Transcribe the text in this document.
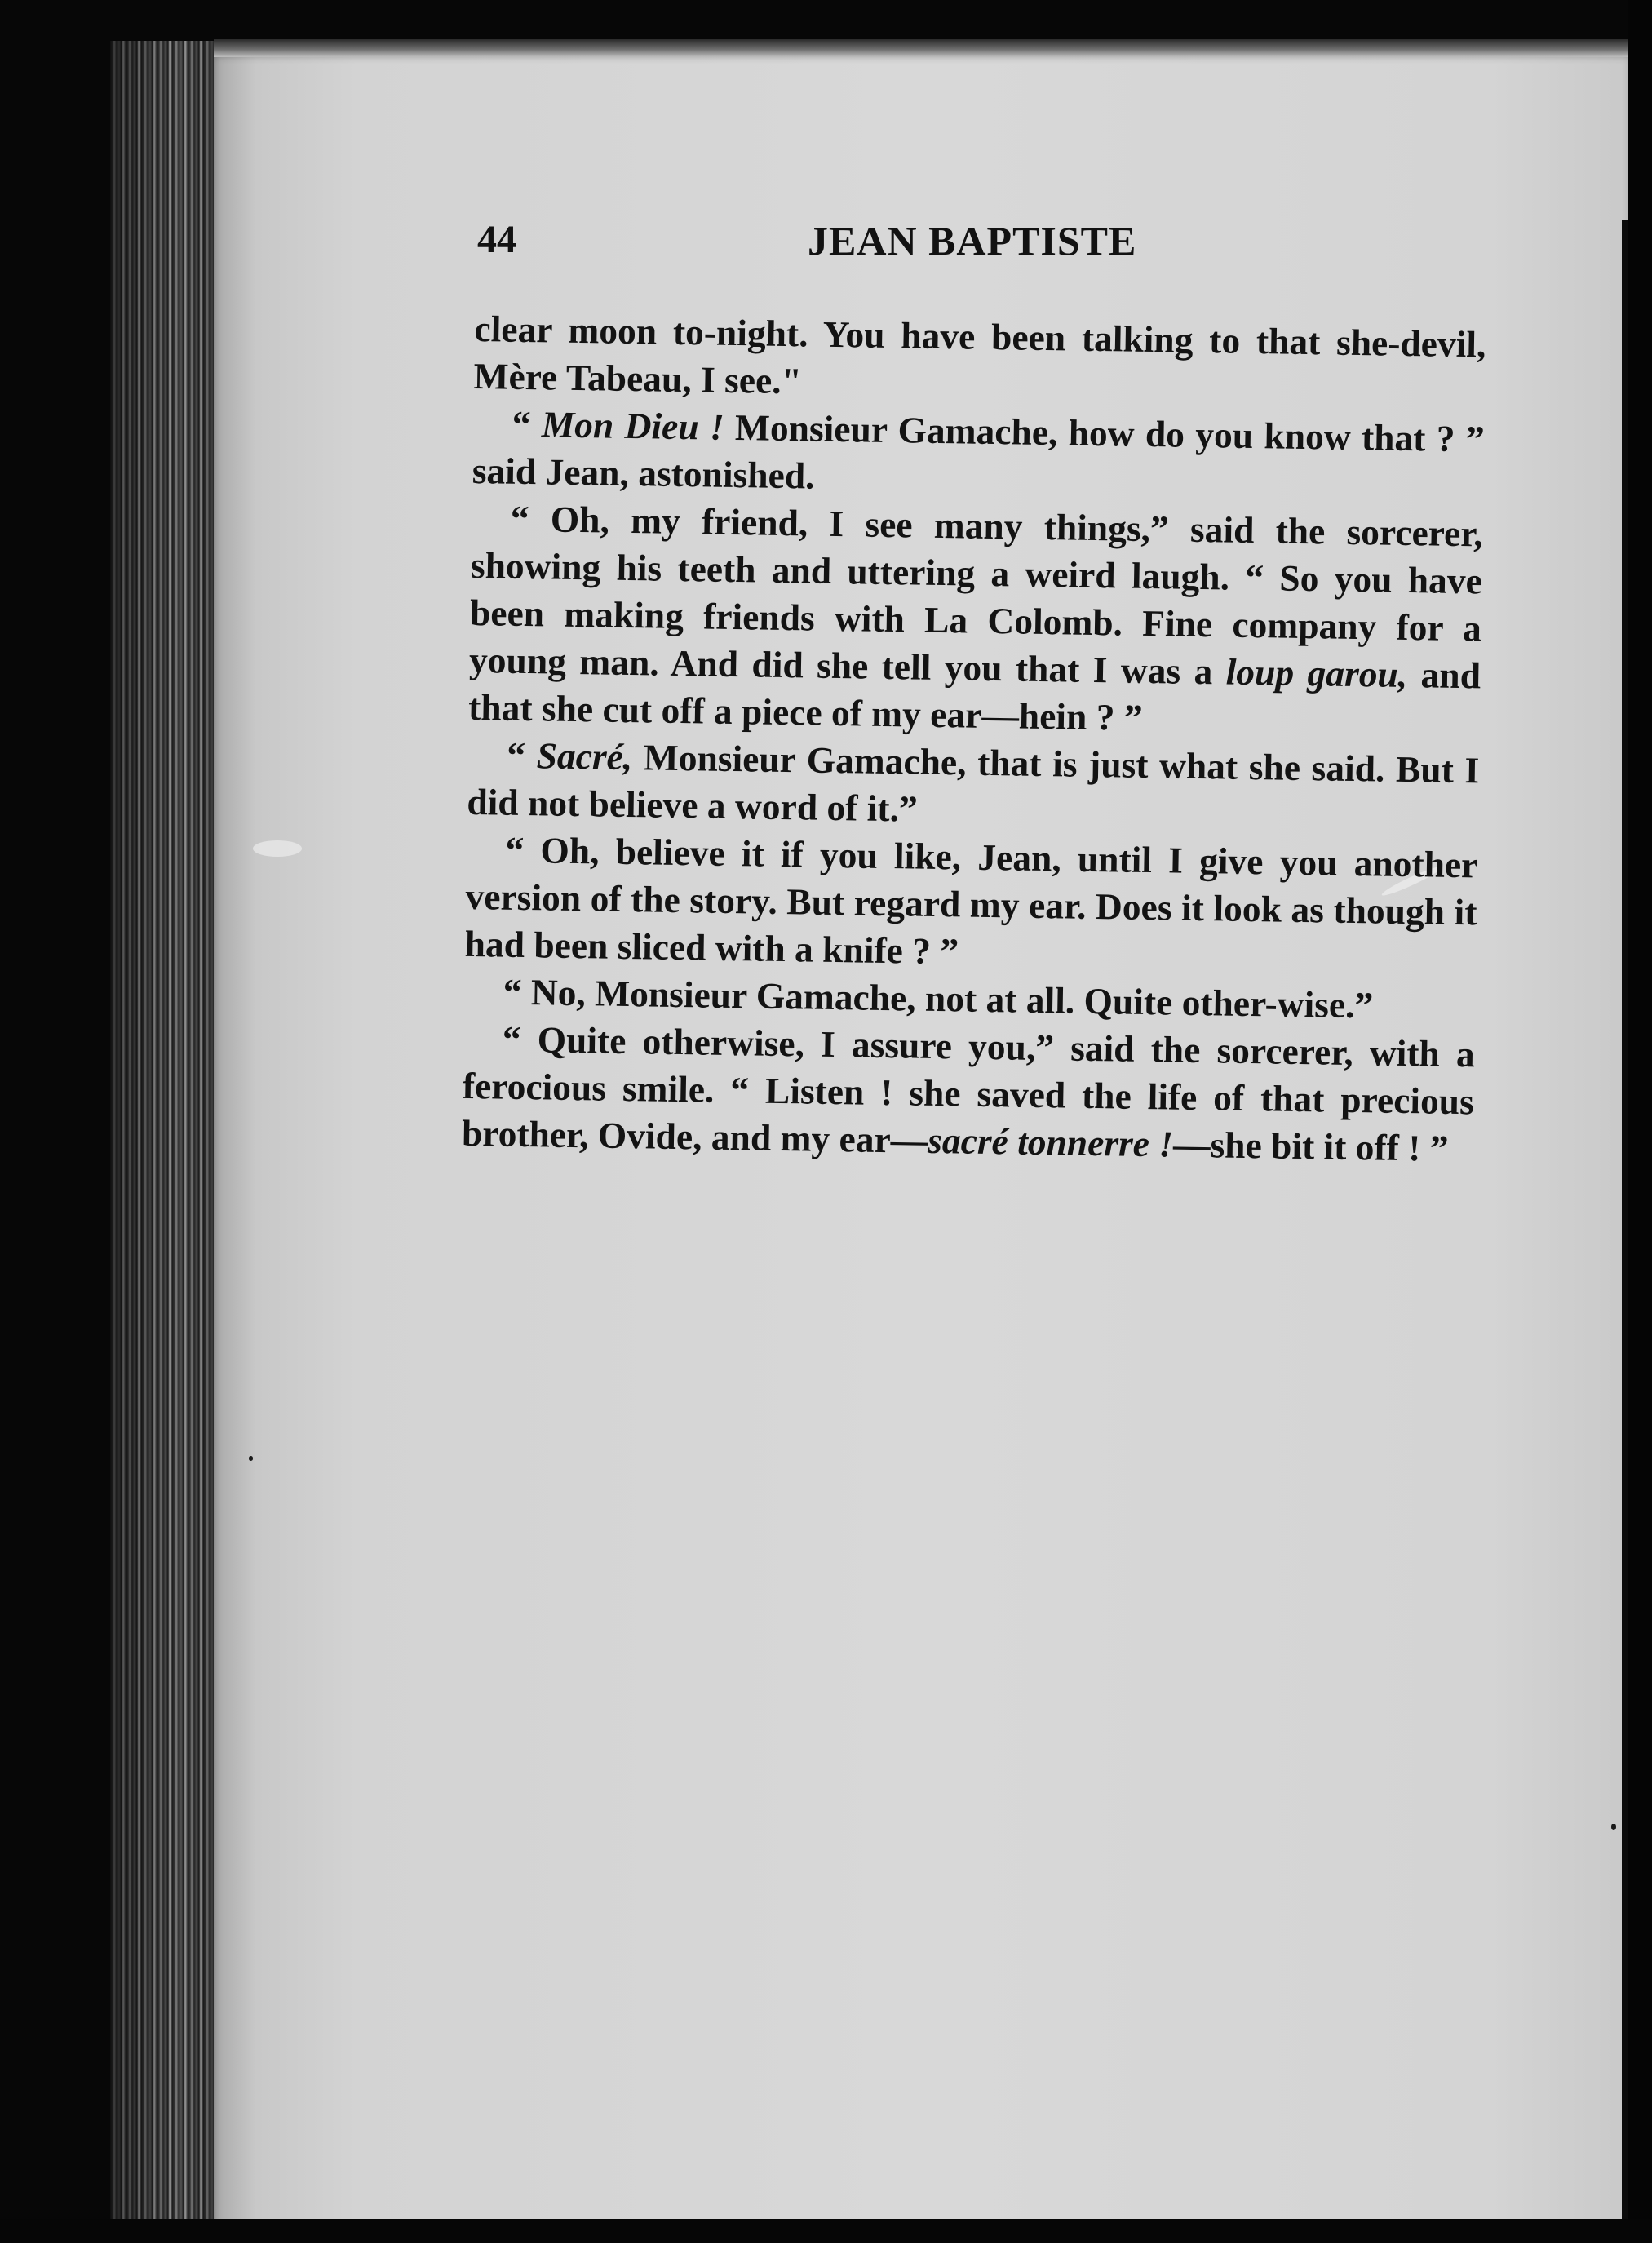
44	JEAN BAPTISTE

clear moon to-night. You have been talking to that she-devil, Mère Tabeau, I see."

“ Mon Dieu ! Monsieur Gamache, how do you know that ? ” said Jean, astonished.

“ Oh, my friend, I see many things,” said the sorcerer, showing his teeth and uttering a weird laugh. “ So you have been making friends with La Colomb. Fine company for a young man. And did she tell you that I was a loup garou, and that she cut off a piece of my ear—hein ? ”

“ Sacré, Monsieur Gamache, that is just what she said. But I did not believe a word of it.”

“ Oh, believe it if you like, Jean, until I give you another version of the story. But regard my ear. Does it look as though it had been sliced with a knife ? ”

“ No, Monsieur Gamache, not at all. Quite other-wise.”

“ Quite otherwise, I assure you,” said the sorcerer, with a ferocious smile. “ Listen ! she saved the life of that precious brother, Ovide, and my ear—sacré tonnerre !—she bit it off ! ”
